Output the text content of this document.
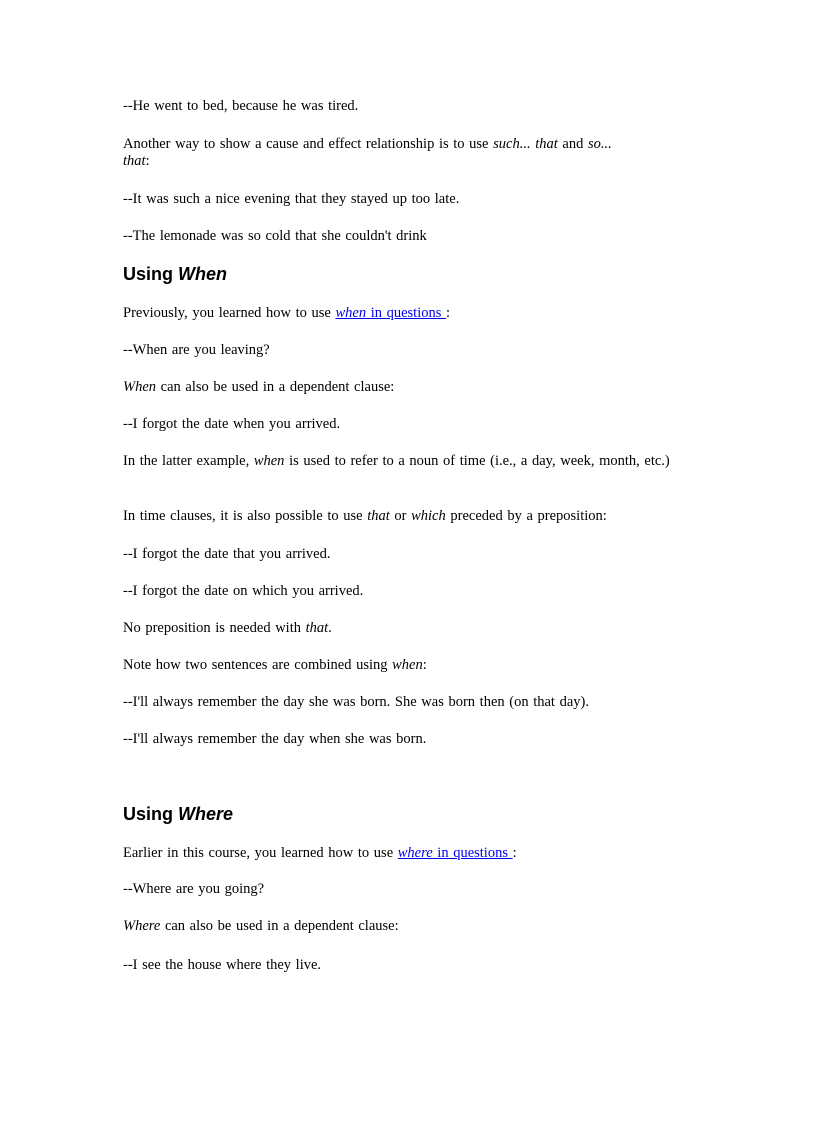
--He went to bed, because he was tired.
Another way to show a cause and effect relationship is to use such... that and so...
that:
--It was such a nice evening that they stayed up too late.
--The lemonade was so cold that she couldn't drink
Using When
Previously, you learned how to use when in questions :
--When are you leaving?
When can also be used in a dependent clause:
--I forgot the date when you arrived.
In the latter example, when is used to refer to a noun of time (i.e., a day, week, month, etc.)
In time clauses, it is also possible to use that or which preceded by a preposition:
--I forgot the date that you arrived.
--I forgot the date on which you arrived.
No preposition is needed with that.
Note how two sentences are combined using when:
--I'll always remember the day she was born. She was born then (on that day).
--I'll always remember the day when she was born.
Using Where
Earlier in this course, you learned how to use where in questions :
--Where are you going?
Where can also be used in a dependent clause:
--I see the house where they live.
